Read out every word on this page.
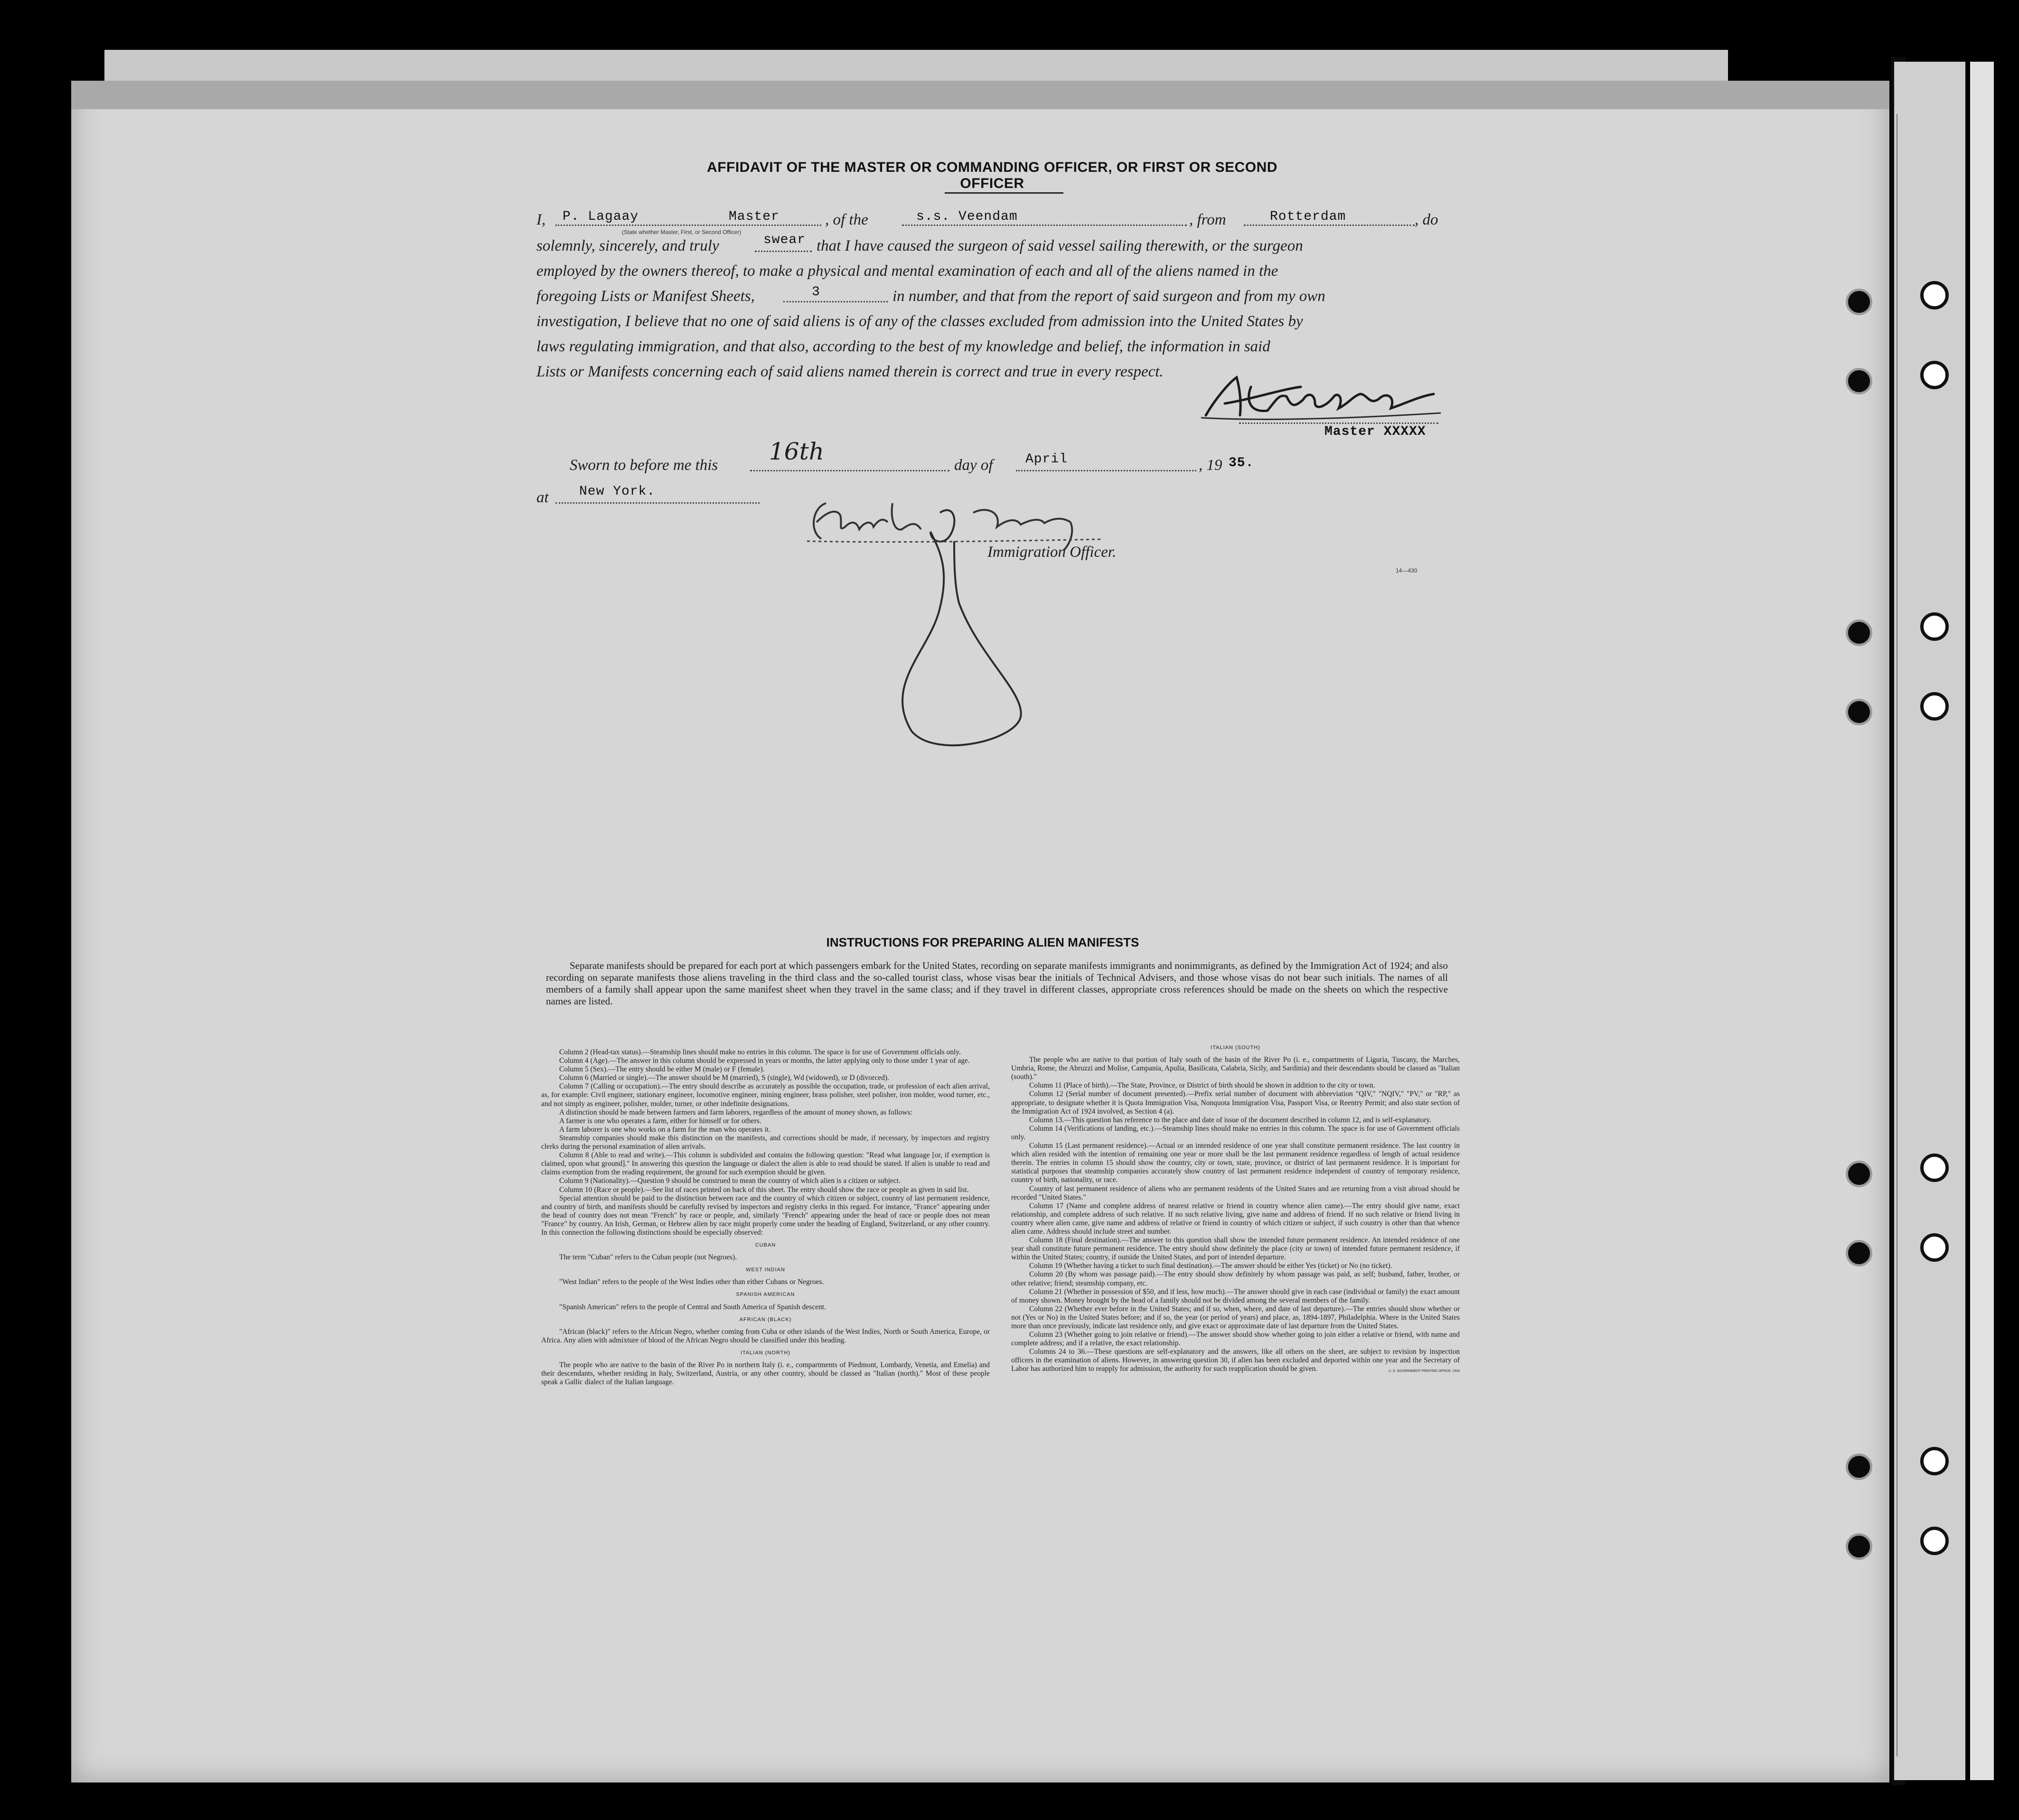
AFFIDAVIT OF THE MASTER OR COMMANDING OFFICER, OR FIRST OR SECOND OFFICER
I, P. Lagaay	Master	, of the	s.s. Veendam	, from	Rotterdam	, do
(State whether Master, First, or Second Officer)
solemnly, sincerely, and truly	swear that I have caused the surgeon of said vessel sailing therewith, or the surgeon
employed by the owners thereof, to make a physical and mental examination of each and all of the aliens named in the
foregoing Lists or Manifest Sheets,	3	in number, and that from the report of said surgeon and from my own
investigation, I believe that no one of said aliens is of any of the classes excluded from admission into the United States by
laws regulating immigration, and that also, according to the best of my knowledge and belief, the information in said
Lists or Manifests concerning each of said aliens named therein is correct and true in every respect.
Master XXXXX
Sworn to before me this 16th	day of April	, 19 35.
at New York.
Immigration Officer.
14—430
INSTRUCTIONS FOR PREPARING ALIEN MANIFESTS

Separate manifests should be prepared for each port at which passengers embark for the United States, recording on separate manifests immigrants and nonimmigrants, as defined by the Immigration Act of 1924; and also recording on separate manifests those aliens traveling in the third class and the so-called tourist class, whose visas bear the initials of Technical Advisers, and those whose visas do not bear such initials. The names of all members of a family shall appear upon the same manifest sheet when they travel in the same class; and if they travel in different classes, appropriate cross references should be made on the sheets on which the respective names are listed.

Column 2 (Head-tax status).—Steamship lines should make no entries in this column. The space is for use of Government officials only.

Column 4 (Age).—The answer in this column should be expressed in years or months, the latter applying only to those under 1 year of age.

Column 5 (Sex).—The entry should be either M (male) or F (female).

Column 6 (Married or single).—The answer should be M (married), S (single), Wd (widowed), or D (divorced).

Column 7 (Calling or occupation).—The entry should describe as accurately as possible the occupation, trade, or profession of each alien arrival, as, for example: Civil engineer, stationary engineer, locomotive engineer, mining engineer, brass polisher, steel polisher, iron molder, wood turner, etc., and not simply as engineer, polisher, molder, turner, or other indefinite designations.

A distinction should be made between farmers and farm laborers, regardless of the amount of money shown, as follows:

A farmer is one who operates a farm, either for himself or for others.

A farm laborer is one who works on a farm for the man who operates it.

Steamship companies should make this distinction on the manifests, and corrections should be made, if necessary, by inspectors and registry clerks during the personal examination of alien arrivals.

Column 8 (Able to read and write).—This column is subdivided and contains the following question: "Read what language [or, if exemption is claimed, upon what ground]." In answering this question the language or dialect the alien is able to read should be stated. If alien is unable to read and claims exemption from the reading requirement, the ground for such exemption should be given.

Column 9 (Nationality).—Question 9 should be construed to mean the country of which alien is a citizen or subject.

Column 10 (Race or people).—See list of races printed on back of this sheet. The entry should show the race or people as given in said list.

Special attention should be paid to the distinction between race and the country of which citizen or subject, country of last permanent residence, and country of birth, and manifests should be carefully revised by inspectors and registry clerks in this regard. For instance, "France" appearing under the head of country does not mean "French" by race or people, and, similarly "French" appearing under the head of race or people does not mean "France" by country. An Irish, German, or Hebrew alien by race might properly come under the heading of England, Switzerland, or any other country. In this connection the following distinctions should be especially observed:

CUBAN

The term "Cuban" refers to the Cuban people (not Negroes).

WEST INDIAN

"West Indian" refers to the people of the West Indies other than either Cubans or Negroes.

SPANISH AMERICAN

"Spanish American" refers to the people of Central and South America of Spanish descent.

AFRICAN (BLACK)

"African (black)" refers to the African Negro, whether coming from Cuba or other islands of the West Indies, North or South America, Europe, or Africa. Any alien with admixture of blood of the African Negro should be classified under this heading.

ITALIAN (NORTH)

The people who are native to the basin of the River Po in northern Italy (i. e., compartments of Piedmont, Lombardy, Venetia, and Emelia) and their descendants, whether residing in Italy, Switzerland, Austria, or any other country, should be classed as "Italian (north)." Most of these people speak a Gallic dialect of the Italian language.

ITALIAN (SOUTH)

The people who are native to that portion of Italy south of the basin of the River Po (i. e., compartments of Liguria, Tuscany, the Marches, Umbria, Rome, the Abruzzi and Molise, Campania, Apulia, Basilicata, Calabria, Sicily, and Sardinia) and their descendants should be classed as "Italian (south)."

Column 11 (Place of birth).—The State, Province, or District of birth should be shown in addition to the city or town.

Column 12 (Serial number of document presented).—Prefix serial number of document with abbreviation "QIV," "NQIV," "PV," or "RP," as appropriate, to designate whether it is Quota Immigration Visa, Nonquota Immigration Visa, Passport Visa, or Reentry Permit; and also state section of the Immigration Act of 1924 involved, as Section 4 (a).

Column 13.—This question has reference to the place and date of issue of the document described in column 12, and is self-explanatory.

Column 14 (Verifications of landing, etc.).—Steamship lines should make no entries in this column. The space is for use of Government officials only.

Column 15 (Last permanent residence).—Actual or an intended residence of one year shall constitute permanent residence. The last country in which alien resided with the intention of remaining one year or more shall be the last permanent residence regardless of length of actual residence therein. The entries in column 15 should show the country, city or town, state, province, or district of last permanent residence. It is important for statistical purposes that steamship companies accurately show country of last permanent residence independent of country of temporary residence, country of birth, nationality, or race.

Country of last permanent residence of aliens who are permanent residents of the United States and are returning from a visit abroad should be recorded "United States."

Column 17 (Name and complete address of nearest relative or friend in country whence alien came).—The entry should give name, exact relationship, and complete address of such relative. If no such relative living, give name and address of friend. If no such relative or friend living in country where alien came, give name and address of relative or friend in country of which citizen or subject, if such country is other than that whence alien came. Address should include street and number.

Column 18 (Final destination).—The answer to this question shall show the intended future permanent residence. An intended residence of one year shall constitute future permanent residence. The entry should show definitely the place (city or town) of intended future permanent residence, if within the United States; country, if outside the United States, and port of intended departure.

Column 19 (Whether having a ticket to such final destination).—The answer should be either Yes (ticket) or No (no ticket).

Column 20 (By whom was passage paid).—The entry should show definitely by whom passage was paid, as self; husband, father, brother, or other relative; friend; steamship company, etc.

Column 21 (Whether in possession of $50, and if less, how much).—The answer should give in each case (individual or family) the exact amount of money shown. Money brought by the head of a family should not be divided among the several members of the family.

Column 22 (Whether ever before in the United States; and if so, when, where, and date of last departure).—The entries should show whether or not (Yes or No) in the United States before; and if so, the year (or period of years) and place, as, 1894-1897, Philadelphia. Where in the United States more than once previously, indicate last residence only, and give exact or approximate date of last departure from the United States.

Column 23 (Whether going to join relative or friend).—The answer should show whether going to join either a relative or friend, with name and complete address; and if a relative, the exact relationship.

Columns 24 to 36.—These questions are self-explanatory and the answers, like all others on the sheet, are subject to revision by inspection officers in the examination of aliens. However, in answering question 30, if alien has been excluded and deported within one year and the Secretary of Labor has authorized him to reapply for admission, the authority for such reapplication should be given.	U. S. GOVERNMENT PRINTING OFFICE: 1934
